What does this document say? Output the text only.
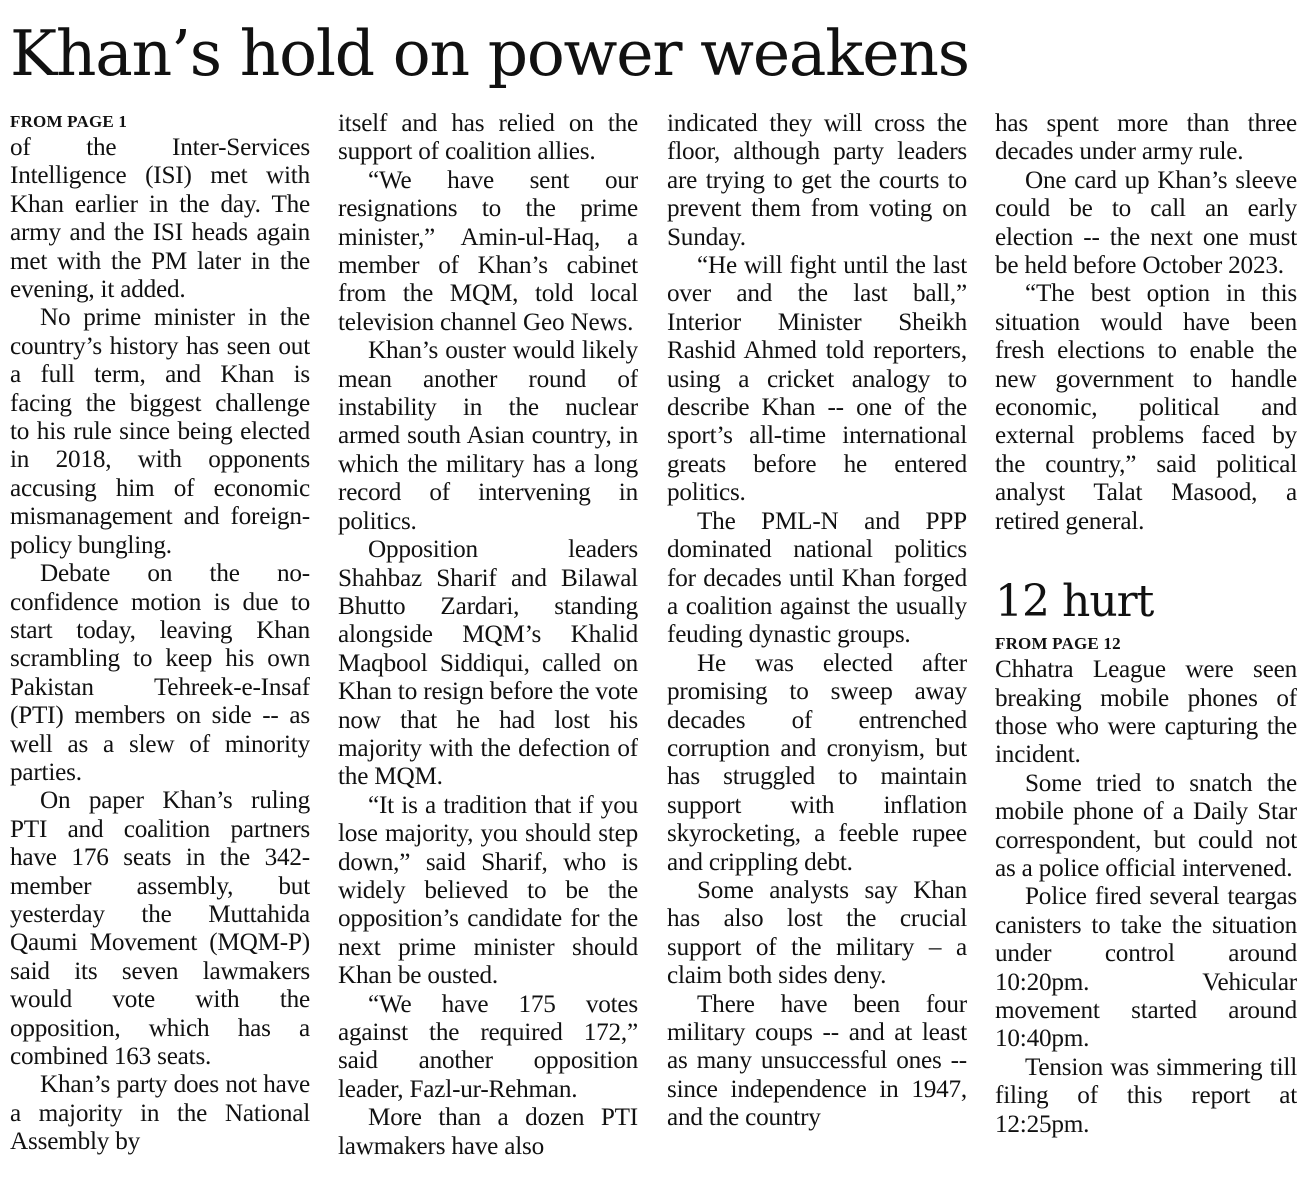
Khan’s hold on power weakens
FROM PAGE 1

of the Inter-Services Intelligence (ISI) met with Khan earlier in the day. The army and the ISI heads again met with the PM later in the evening, it added.

No prime minister in the country’s history has seen out a full term, and Khan is facing the biggest challenge to his rule since being elected in 2018, with opponents accusing him of economic mismanagement and foreign-policy bungling.

Debate on the no-confidence motion is due to start today, leaving Khan scrambling to keep his own Pakistan Tehreek-e-Insaf (PTI) members on side -- as well as a slew of minority parties.

On paper Khan’s ruling PTI and coalition partners have 176 seats in the 342-member assembly, but yesterday the Muttahida Qaumi Movement (MQM-P) said its seven lawmakers would vote with the opposition, which has a combined 163 seats.

Khan’s party does not have a majority in the National Assembly by

itself and has relied on the support of coalition allies.

“We have sent our resignations to the prime minister,” Amin-ul-Haq, a member of Khan’s cabinet from the MQM, told local television channel Geo News.

Khan’s ouster would likely mean another round of instability in the nuclear armed south Asian country, in which the military has a long record of intervening in politics.

Opposition leaders Shahbaz Sharif and Bilawal Bhutto Zardari, standing alongside MQM’s Khalid Maqbool Siddiqui, called on Khan to resign before the vote now that he had lost his majority with the defection of the MQM.

“It is a tradition that if you lose majority, you should step down,” said Sharif, who is widely believed to be the opposition’s candidate for the next prime minister should Khan be ousted.

“We have 175 votes against the required 172,” said another opposition leader, Fazl-ur-Rehman.

More than a dozen PTI lawmakers have also

indicated they will cross the floor, although party leaders are trying to get the courts to prevent them from voting on Sunday.

“He will fight until the last over and the last ball,” Interior Minister Sheikh Rashid Ahmed told reporters, using a cricket analogy to describe Khan -- one of the sport’s all-time international greats before he entered politics.

The PML-N and PPP dominated national politics for decades until Khan forged a coalition against the usually feuding dynastic groups.

He was elected after promising to sweep away decades of entrenched corruption and cronyism, but has struggled to maintain support with inflation skyrocketing, a feeble rupee and crippling debt.

Some analysts say Khan has also lost the crucial support of the military – a claim both sides deny.

There have been four military coups -- and at least as many unsuccessful ones -- since independence in 1947, and the country

has spent more than three decades under army rule.

One card up Khan’s sleeve could be to call an early election -- the next one must be held before October 2023.

“The best option in this situation would have been fresh elections to enable the new government to handle economic, political and external problems faced by the country,” said political analyst Talat Masood, a retired general.

12 hurt
FROM PAGE 12

Chhatra League were seen breaking mobile phones of those who were capturing the incident.

Some tried to snatch the mobile phone of a Daily Star correspondent, but could not as a police official intervened.

Police fired several teargas canisters to take the situation under control around 10:20pm. Vehicular movement started around 10:40pm.

Tension was simmering till filing of this report at 12:25pm.
